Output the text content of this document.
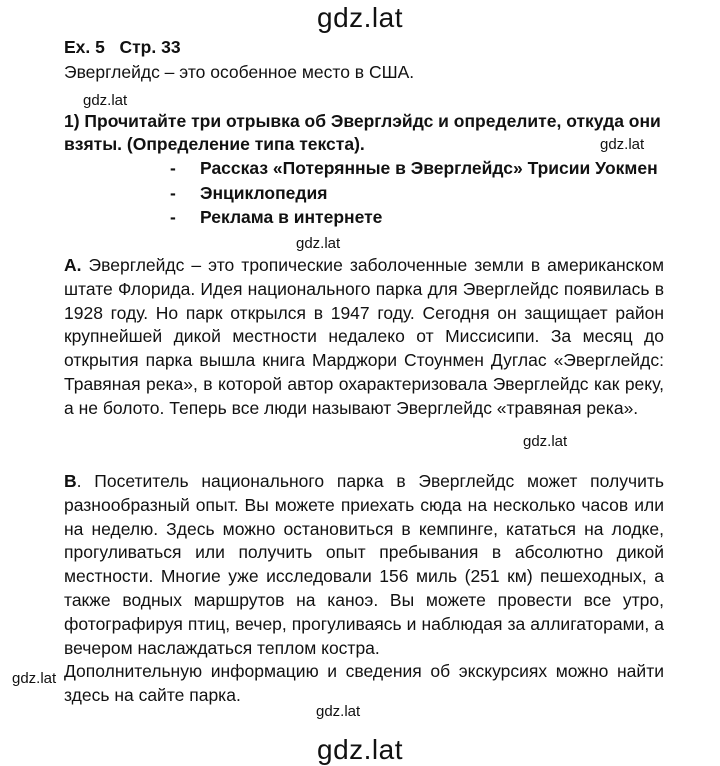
gdz.lat
gdz.lat
gdz.lat
gdz.lat
gdz.lat
gdz.lat
gdz.lat
gdz.lat
Ex. 5 Стр. 33
Эверглейдс – это особенное место в США.
1) Прочитайте три отрывка об Эверглэйдс и определите, откуда они
взяты. (Определение типа текста).
- Рассказ «Потерянные в Эверглейдс» Трисии Уокмен
- Энциклопедия
- Реклама в интернете

A. Эверглейдс – это тропические заболоченные земли в американском штате Флорида. Идея национального парка для Эверглейдс появилась в 1928 году. Но парк открылся в 1947 году. Сегодня он защищает район крупнейшей дикой местности недалеко от Миссисипи. За месяц до открытия парка вышла книга Марджори Стоунмен Дуглас «Эверглейдс: Травяная река», в которой автор охарактеризовала Эверглейдс как реку, а не болото. Теперь все люди называют Эверглейдс «травяная река».

B. Посетитель национального парка в Эверглейдс может получить разнообразный опыт. Вы можете приехать сюда на несколько часов или на неделю. Здесь можно остановиться в кемпинге, кататься на лодке, прогуливаться или получить опыт пребывания в абсолютно дикой местности. Многие уже исследовали 156 миль (251 км) пешеходных, а также водных маршрутов на каноэ. Вы можете провести все утро, фотографируя птиц, вечер, прогуливаясь и наблюдая за аллигаторами, а вечером наслаждаться теплом костра.

Дополнительную информацию и сведения об экскурсиях можно найти здесь на сайте парка.
